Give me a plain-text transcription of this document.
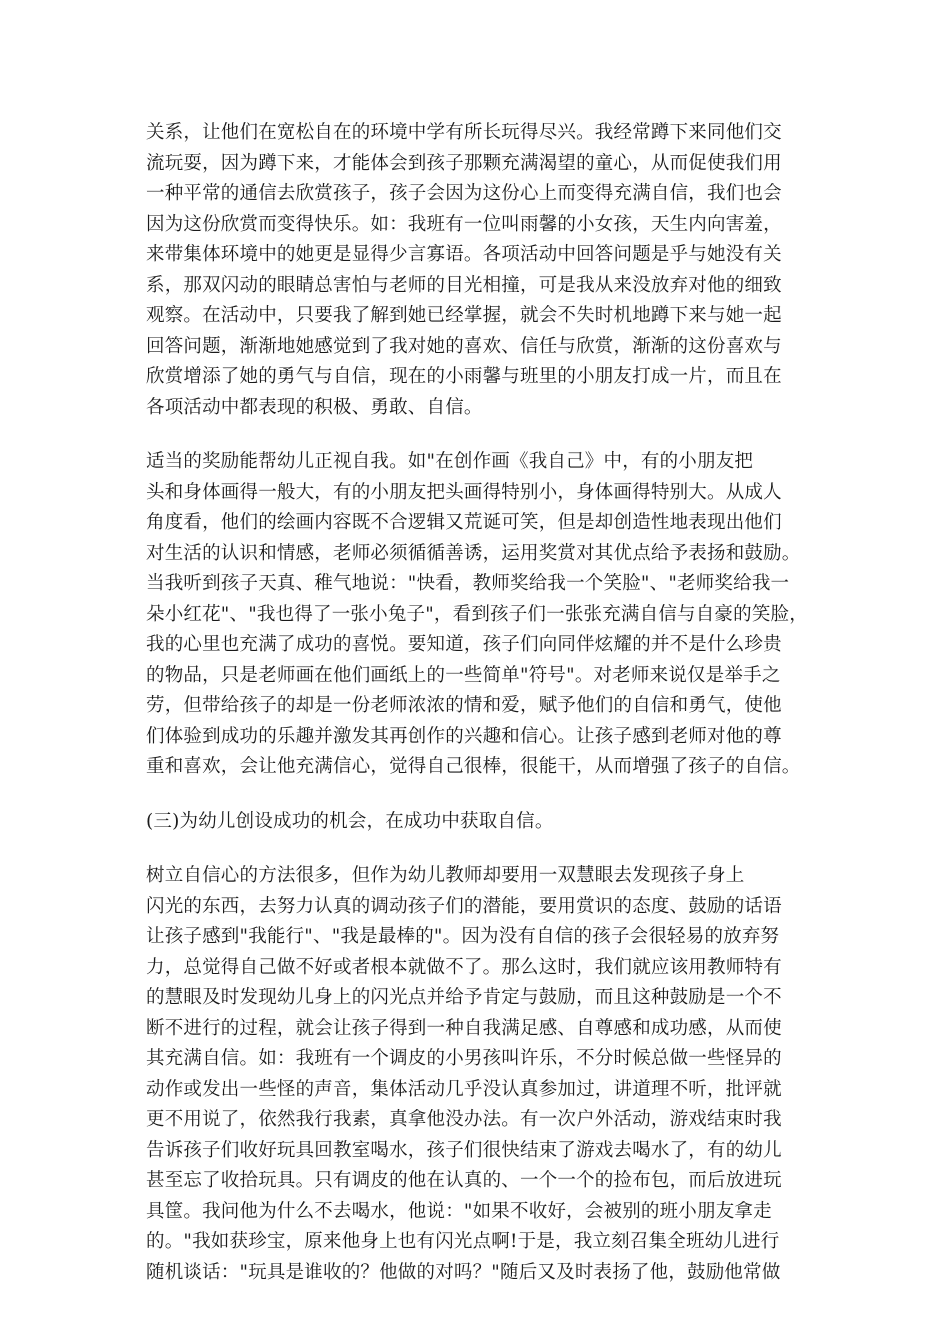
关系，让他们在宽松自在的环境中学有所长玩得尽兴。我经常蹲下来同他们交
流玩耍，因为蹲下来，才能体会到孩子那颗充满渴望的童心，从而促使我们用
一种平常的通信去欣赏孩子，孩子会因为这份心上而变得充满自信，我们也会
因为这份欣赏而变得快乐。如：我班有一位叫雨馨的小女孩，天生内向害羞，
来带集体环境中的她更是显得少言寡语。各项活动中回答问题是乎与她没有关
系，那双闪动的眼睛总害怕与老师的目光相撞，可是我从来没放弃对他的细致
观察。在活动中，只要我了解到她已经掌握，就会不失时机地蹲下来与她一起
回答问题，渐渐地她感觉到了我对她的喜欢、信任与欣赏，渐渐的这份喜欢与
欣赏增添了她的勇气与自信，现在的小雨馨与班里的小朋友打成一片，而且在
各项活动中都表现的积极、勇敢、自信。
适当的奖励能帮幼儿正视自我。如"在创作画《我自己》中，有的小朋友把
头和身体画得一般大，有的小朋友把头画得特别小，身体画得特别大。从成人
角度看，他们的绘画内容既不合逻辑又荒诞可笑，但是却创造性地表现出他们
对生活的认识和情感，老师必须循循善诱，运用奖赏对其优点给予表扬和鼓励。
当我听到孩子天真、稚气地说："快看，教师奖给我一个笑脸"、"老师奖给我一
朵小红花"、"我也得了一张小兔子"，看到孩子们一张张充满自信与自豪的笑脸，
我的心里也充满了成功的喜悦。要知道，孩子们向同伴炫耀的并不是什么珍贵
的物品，只是老师画在他们画纸上的一些简单"符号"。对老师来说仅是举手之
劳，但带给孩子的却是一份老师浓浓的情和爱，赋予他们的自信和勇气，使他
们体验到成功的乐趣并激发其再创作的兴趣和信心。让孩子感到老师对他的尊
重和喜欢，会让他充满信心，觉得自己很棒，很能干，从而增强了孩子的自信。
(三)为幼儿创设成功的机会，在成功中获取自信。
树立自信心的方法很多，但作为幼儿教师却要用一双慧眼去发现孩子身上
闪光的东西，去努力认真的调动孩子们的潜能，要用赏识的态度、鼓励的话语
让孩子感到"我能行"、"我是最棒的"。因为没有自信的孩子会很轻易的放弃努
力，总觉得自己做不好或者根本就做不了。那么这时，我们就应该用教师特有
的慧眼及时发现幼儿身上的闪光点并给予肯定与鼓励，而且这种鼓励是一个不
断不进行的过程，就会让孩子得到一种自我满足感、自尊感和成功感，从而使
其充满自信。如：我班有一个调皮的小男孩叫许乐，不分时候总做一些怪异的
动作或发出一些怪的声音，集体活动几乎没认真参加过，讲道理不听，批评就
更不用说了，依然我行我素，真拿他没办法。有一次户外活动，游戏结束时我
告诉孩子们收好玩具回教室喝水，孩子们很快结束了游戏去喝水了，有的幼儿
甚至忘了收拾玩具。只有调皮的他在认真的、一个一个的捡布包，而后放进玩
具筐。我问他为什么不去喝水，他说："如果不收好，会被别的班小朋友拿走
的。"我如获珍宝，原来他身上也有闪光点啊!于是，我立刻召集全班幼儿进行
随机谈话："玩具是谁收的？他做的对吗？"随后又及时表扬了他，鼓励他常做
